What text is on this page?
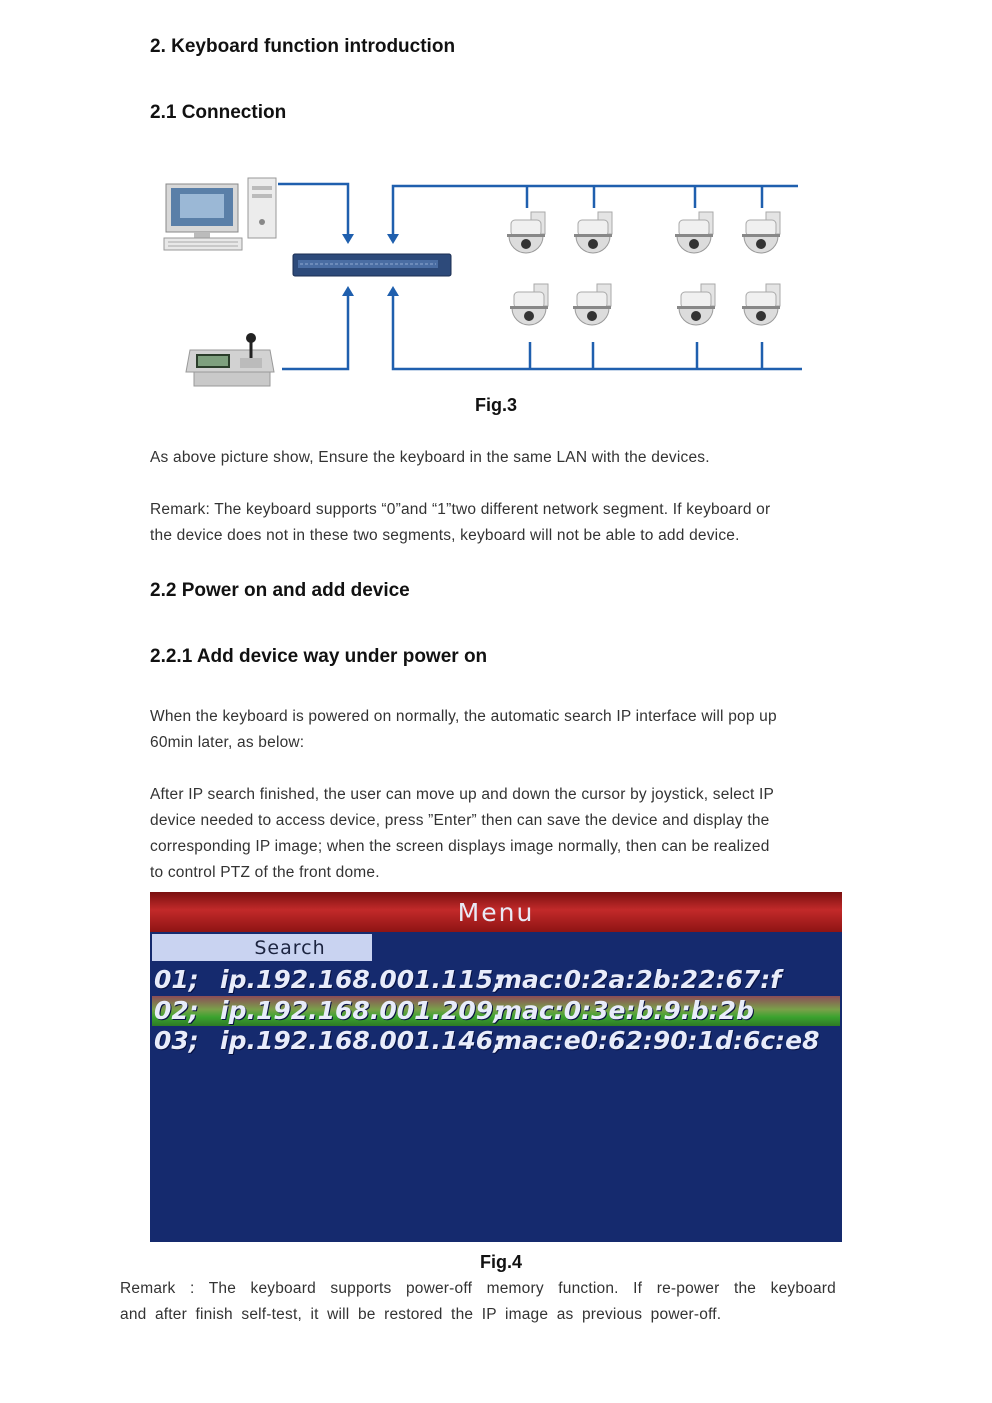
2. Keyboard function introduction
2.1 Connection
Fig.3
As above picture show, Ensure the keyboard in the same LAN with the devices.
Remark: The keyboard supports “0”and “1”two different network segment. If keyboard or
the device does not in these two segments, keyboard will not be able to add device.
2.2 Power on and add device
2.2.1 Add device way under power on
When the keyboard is powered on normally, the automatic search IP interface will pop up
60min later, as below:
After IP search finished, the user can move up and down the cursor by joystick, select IP
device needed to access device, press ”Enter” then can save the device and display the
corresponding IP image; when the screen displays image normally, then can be realized
to control PTZ of the front dome.
Menu
Search
01; ip.192.168.001.115;
mac:0:2a:2b:22:67:f
02; ip.192.168.001.209;
mac:0:3e:b:9:b:2b
03; ip.192.168.001.146;
mac:e0:62:90:1d:6c:e8
Fig.4
Remark : The keyboard supports power-off memory function. If re-power the keyboard
and after finish self-test, it will be restored the IP image as previous power-off.
